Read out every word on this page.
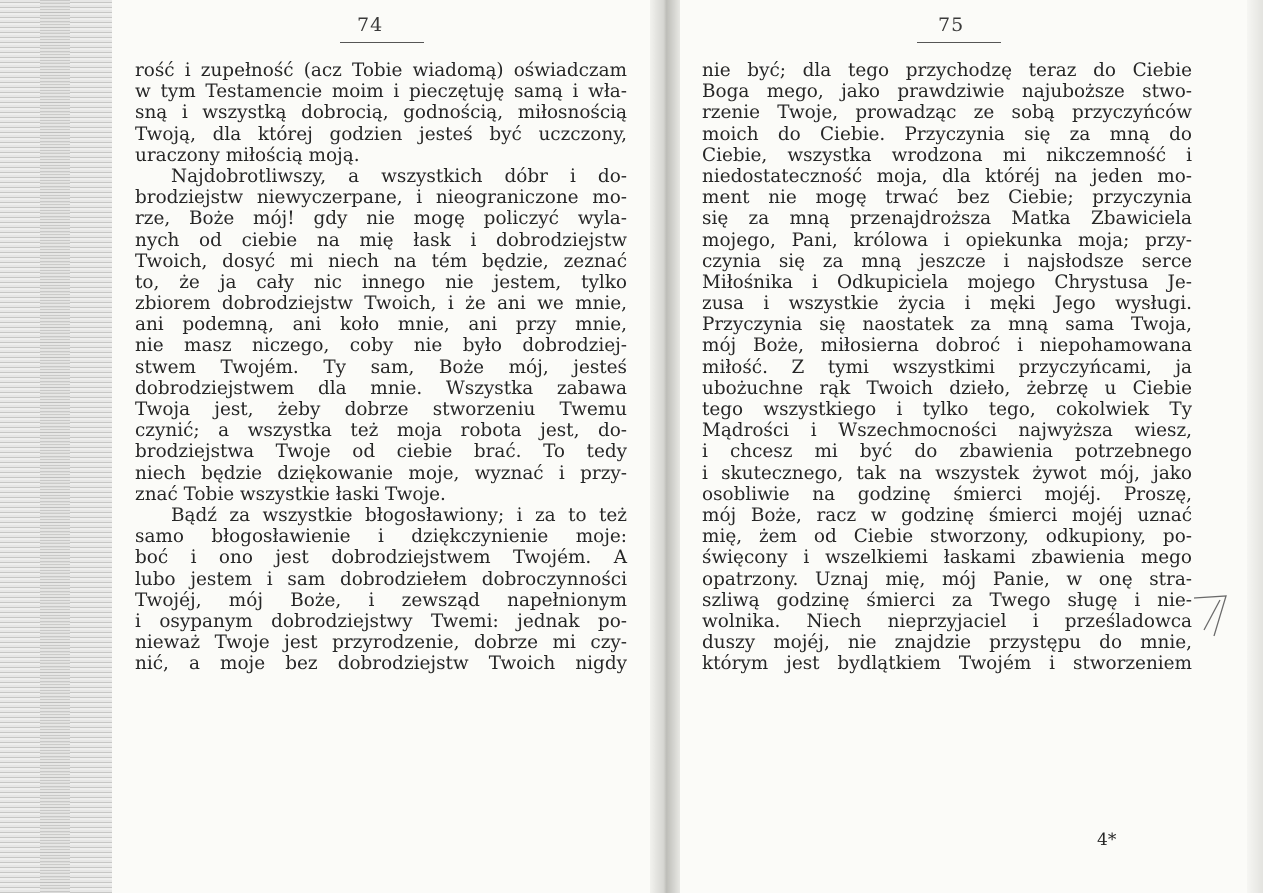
74
rość i zupełność (acz Tobie wiadomą) oświadczam
w tym Testamencie moim i pieczętuję samą i wła-
sną i wszystką dobrocią, godnością, miłosnością
Twoją, dla której godzien jesteś być uczczony,
uraczony miłością moją.
Najdobrotliwszy, a wszystkich dóbr i do-
brodziejstw niewyczerpane, i nieograniczone mo-
rze, Boże mój! gdy nie mogę policzyć wyla-
nych od ciebie na mię łask i dobrodziejstw
Twoich, dosyć mi niech na tém będzie, zeznać
to, że ja cały nic innego nie jestem, tylko
zbiorem dobrodziejstw Twoich, i że ani we mnie,
ani podemną, ani koło mnie, ani przy mnie,
nie masz niczego, coby nie było dobrodziej-
stwem Twojém. Ty sam, Boże mój, jesteś
dobrodziejstwem dla mnie. Wszystka zabawa
Twoja jest, żeby dobrze stworzeniu Twemu
czynić; a wszystka też moja robota jest, do-
brodziejstwa Twoje od ciebie brać. To tedy
niech będzie dziękowanie moje, wyznać i przy-
znać Tobie wszystkie łaski Twoje.
Bądź za wszystkie błogosławiony; i za to też
samo błogosławienie i dziękczynienie moje:
boć i ono jest dobrodziejstwem Twojém. A
lubo jestem i sam dobrodziełem dobroczynności
Twojéj, mój Boże, i zewsząd napełnionym
i osypanym dobrodziejstwy Twemi: jednak po-
nieważ Twoje jest przyrodzenie, dobrze mi czy-
nić, a moje bez dobrodziejstw Twoich nigdy
75
nie być; dla tego przychodzę teraz do Ciebie
Boga mego, jako prawdziwie najuboższe stwo-
rzenie Twoje, prowadząc ze sobą przyczyńców
moich do Ciebie. Przyczynia się za mną do
Ciebie, wszystka wrodzona mi nikczemność i
niedostateczność moja, dla któréj na jeden mo-
ment nie mogę trwać bez Ciebie; przyczynia
się za mną przenajdroższa Matka Zbawiciela
mojego, Pani, królowa i opiekunka moja; przy-
czynia się za mną jeszcze i najsłodsze serce
Miłośnika i Odkupiciela mojego Chrystusa Je-
zusa i wszystkie życia i męki Jego wysługi.
Przyczynia się naostatek za mną sama Twoja,
mój Boże, miłosierna dobroć i niepohamowana
miłość. Z tymi wszystkimi przyczyńcami, ja
ubożuchne rąk Twoich dzieło, żebrzę u Ciebie
tego wszystkiego i tylko tego, cokolwiek Ty
Mądrości i Wszechmocności najwyższa wiesz,
i chcesz mi być do zbawienia potrzebnego
i skutecznego, tak na wszystek żywot mój, jako
osobliwie na godzinę śmierci mojéj. Proszę,
mój Boże, racz w godzinę śmierci mojéj uznać
mię, żem od Ciebie stworzony, odkupiony, po-
święcony i wszelkiemi łaskami zbawienia mego
opatrzony. Uznaj mię, mój Panie, w onę stra-
szliwą godzinę śmierci za Twego sługę i nie-
wolnika. Niech nieprzyjaciel i prześladowca
duszy mojéj, nie znajdzie przystępu do mnie,
którym jest bydlątkiem Twojém i stworzeniem
4*
